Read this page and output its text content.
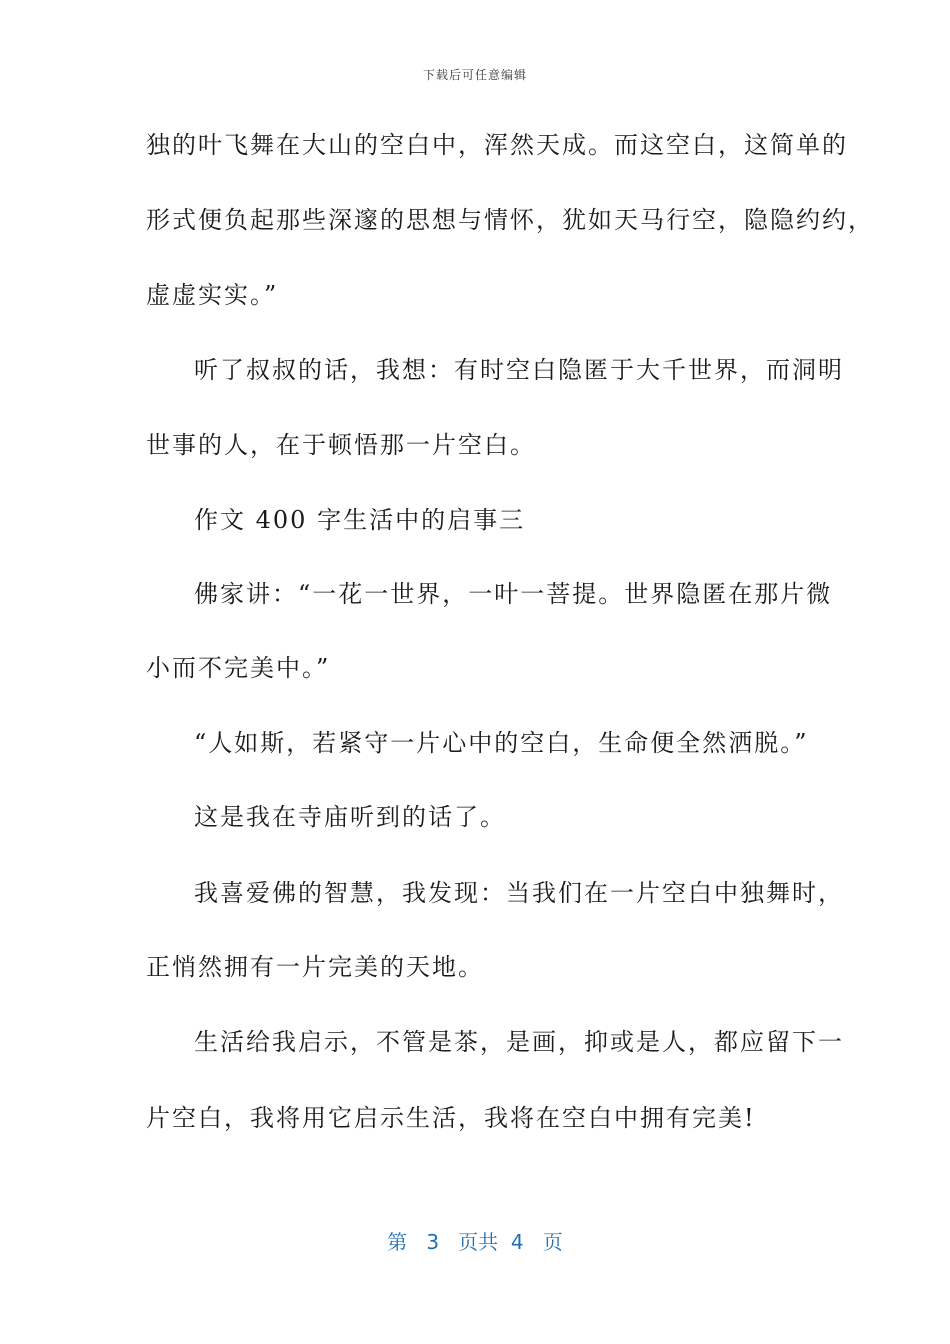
下载后可任意编辑
独的叶飞舞在大山的空白中，浑然天成。而这空白，这简单的
形式便负起那些深邃的思想与情怀，犹如天马行空，隐隐约约，
虚虚实实。”
听了叔叔的话，我想：有时空白隐匿于大千世界，而洞明
世事的人，在于顿悟那一片空白。
作文 400 字生活中的启事三
佛家讲：“一花一世界，一叶一菩提。世界隐匿在那片微
小而不完美中。”
“人如斯，若紧守一片心中的空白，生命便全然洒脱。”
这是我在寺庙听到的话了。
我喜爱佛的智慧，我发现：当我们在一片空白中独舞时，
正悄然拥有一片完美的天地。
生活给我启示，不管是茶，是画，抑或是人，都应留下一
片空白，我将用它启示生活，我将在空白中拥有完美!
第 3 页共 4 页
